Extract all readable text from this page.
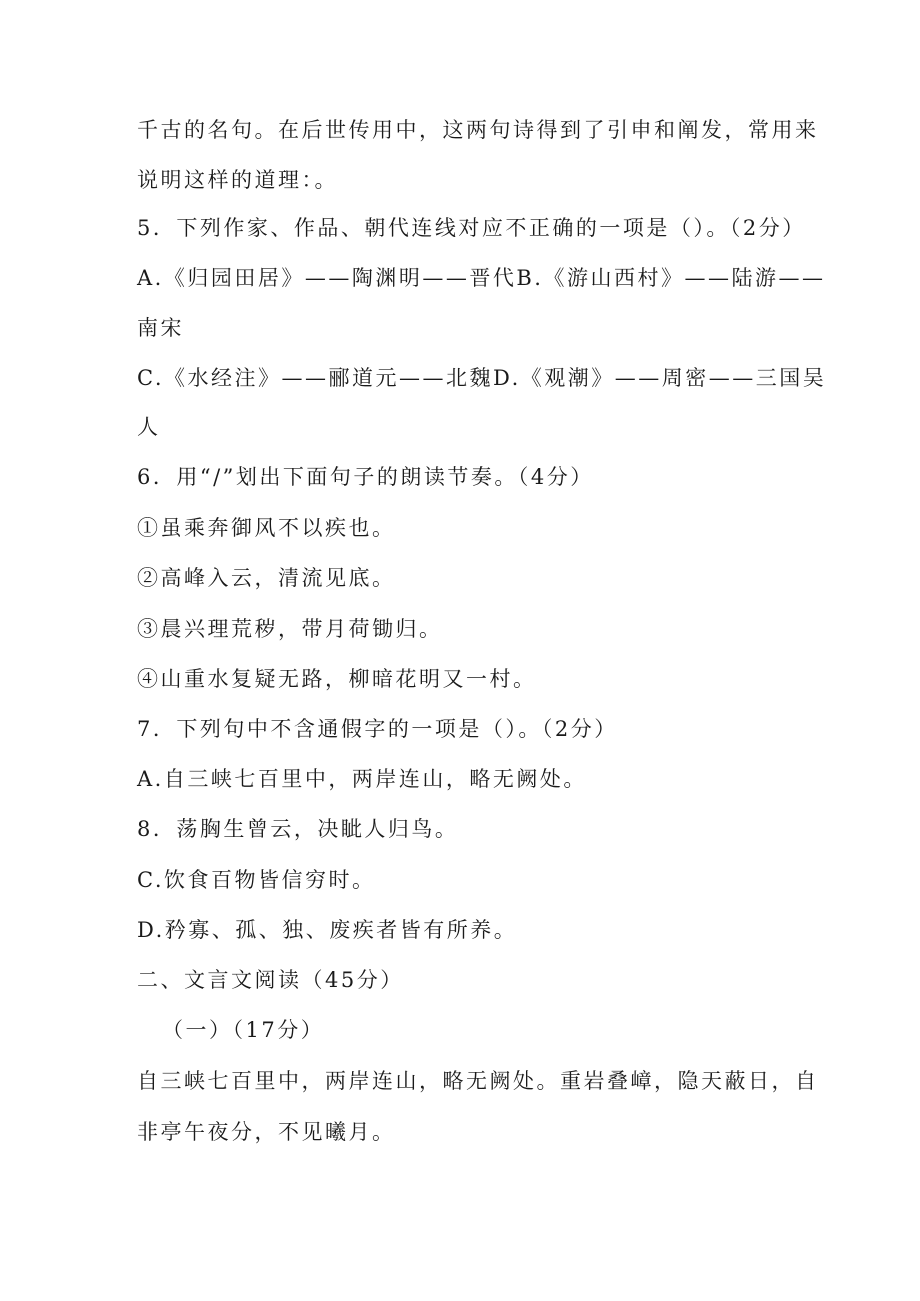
千古的名句。在后世传用中，这两句诗得到了引申和阐发，常用来
说明这样的道理：。
5．下列作家、作品、朝代连线对应不正确的一项是（）。（2分）
A.《归园田居》——陶渊明——晋代B.《游山西村》——陆游——
南宋
C.《水经注》——郦道元——北魏D.《观潮》——周密——三国吴
人
6．用“/”划出下面句子的朗读节奏。（4分）
①虽乘奔御风不以疾也。
②高峰入云，清流见底。
③晨兴理荒秽，带月荷锄归。
④山重水复疑无路，柳暗花明又一村。
7．下列句中不含通假字的一项是（）。（2分）
A.自三峡七百里中，两岸连山，略无阙处。
8．荡胸生曾云，决眦人归鸟。
C.饮食百物皆信穷时。
D.矜寡、孤、独、废疾者皆有所养。
二、文言文阅读（45分）
（一）（17分）
自三峡七百里中，两岸连山，略无阙处。重岩叠嶂，隐天蔽日，自
非亭午夜分，不见曦月。
